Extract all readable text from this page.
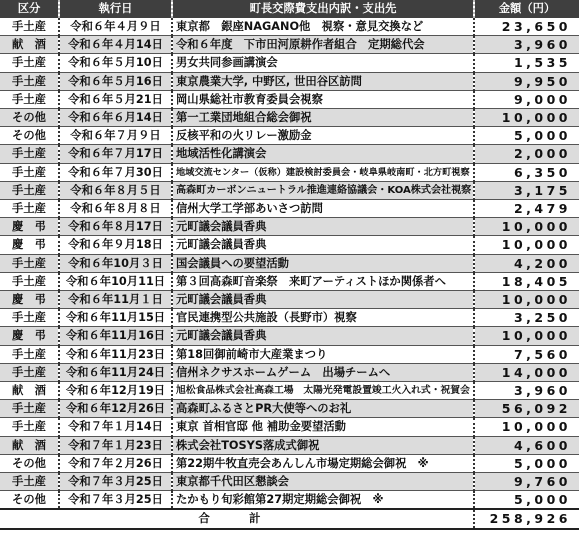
区分	執行日	町長交際費支出内訳・支出先	金額（円）
手土産	令和６年４月９日	東京都　銀座NAGANO他　視察・意見交換など	23,650
献　酒	令和６年４月14日	令和６年度　下市田河原耕作者組合　定期総代会	3,960
手土産	令和６年５月10日	男女共同参画講演会	1,535
手土産	令和６年５月16日	東京農業大学, 中野区, 世田谷区訪問	9,950
手土産	令和６年５月21日	岡山県総社市教育委員会視察	9,000
その他	令和６年６月14日	第一工業団地組合総会御祝	10,000
その他	令和６年７月９日	反核平和の火リレー激励金	5,000
手土産	令和６年７月17日	地域活性化講演会	2,000
手土産	令和６年７月30日	地域交流センター（仮称）建設検討委員会・岐阜県岐南町・北方町視察	6,350
手土産	令和６年８月５日	高森町カーボンニュートラル推進連絡協議会・KOA株式会社視察	3,175
手土産	令和６年８月８日	信州大学工学部あいさつ訪問	2,479
慶　弔	令和６年８月17日	元町議会議員香典	10,000
慶　弔	令和６年９月18日	元町議会議員香典	10,000
手土産	令和６年10月３日	国会議員への要望活動	4,200
手土産	令和６年10月11日	第３回高森町音楽祭　来町アーティストほか関係者へ	18,405
慶　弔	令和６年11月１日	元町議会議員香典	10,000
手土産	令和６年11月15日	官民連携型公共施設（長野市）視察	3,250
慶　弔	令和６年11月16日	元町議会議員香典	10,000
手土産	令和６年11月23日	第18回御前崎市大産業まつり	7,560
手土産	令和６年11月24日	信州ネクサスホームゲーム　出場チームへ	14,000
献　酒	令和６年12月19日	旭松食品株式会社高森工場　太陽光発電設置竣工火入れ式・祝賀会	3,960
手土産	令和６年12月26日	高森町ふるさとPR大使等へのお礼	56,092
手土産	令和７年１月14日	東京 首相官邸 他 補助金要望活動	10,000
献　酒	令和７年１月23日	株式会社TOSYS落成式御祝	4,600
その他	令和７年２月26日	第22期牛牧直売会あんしん市場定期総会御祝　※	5,000
手土産	令和７年３月25日	東京都千代田区懇談会	9,760
その他	令和７年３月25日	たかもり旬彩館第27期定期総会御祝　※	5,000
合　計			258,926
